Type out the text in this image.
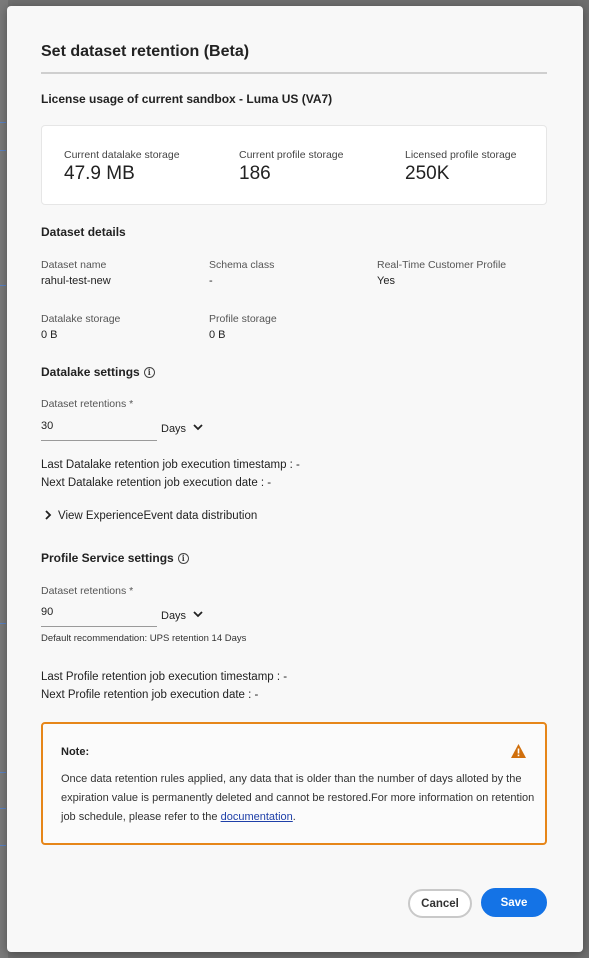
Set dataset retention (Beta)
License usage of current sandbox - Luma US (VA7)
Current datalake storage
47.9 MB
Current profile storage
186
Licensed profile storage
250K
Dataset details
Dataset name
rahul-test-new
Schema class
-
Real-Time Customer Profile
Yes
Datalake storage
0 B
Profile storage
0 B
Datalake settings i
Dataset retentions *
30	Days
Last Datalake retention job execution timestamp : -
Next Datalake retention job execution date : -
View ExperienceEvent data distribution
Profile Service settings i
Dataset retentions *
90	Days
Default recommendation: UPS retention 14 Days
Last Profile retention job execution timestamp : -
Next Profile retention job execution date : -
Note:
Once data retention rules applied, any data that is older than the number of days alloted by the expiration value is permanently deleted and cannot be restored.For more information on retention job schedule, please refer to the documentation.
Cancel	Save
